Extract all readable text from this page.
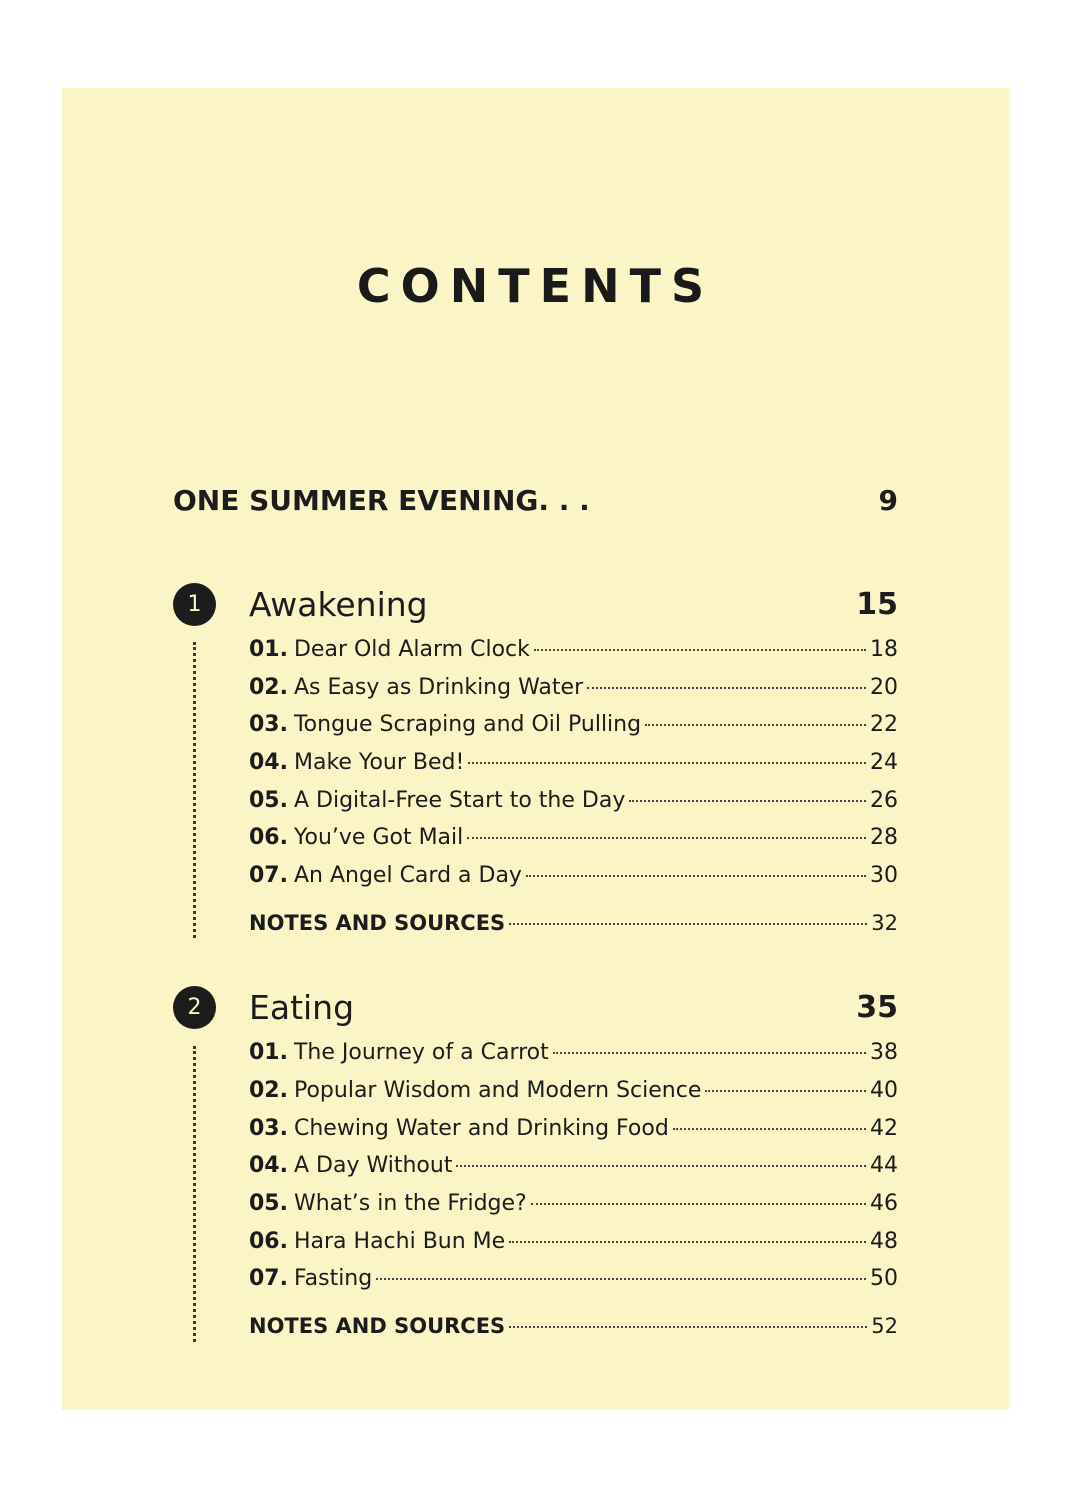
CONTENTS
ONE SUMMER EVENING. . .	9
1	Awakening	15
01. Dear Old Alarm Clock	18
02. As Easy as Drinking Water	20
03. Tongue Scraping and Oil Pulling	22
04. Make Your Bed!	24
05. A Digital-Free Start to the Day	26
06. You’ve Got Mail	28
07. An Angel Card a Day	30
NOTES AND SOURCES	32
2	Eating	35
01. The Journey of a Carrot	38
02. Popular Wisdom and Modern Science	40
03. Chewing Water and Drinking Food	42
04. A Day Without	44
05. What’s in the Fridge?	46
06. Hara Hachi Bun Me	48
07. Fasting	50
NOTES AND SOURCES	52
